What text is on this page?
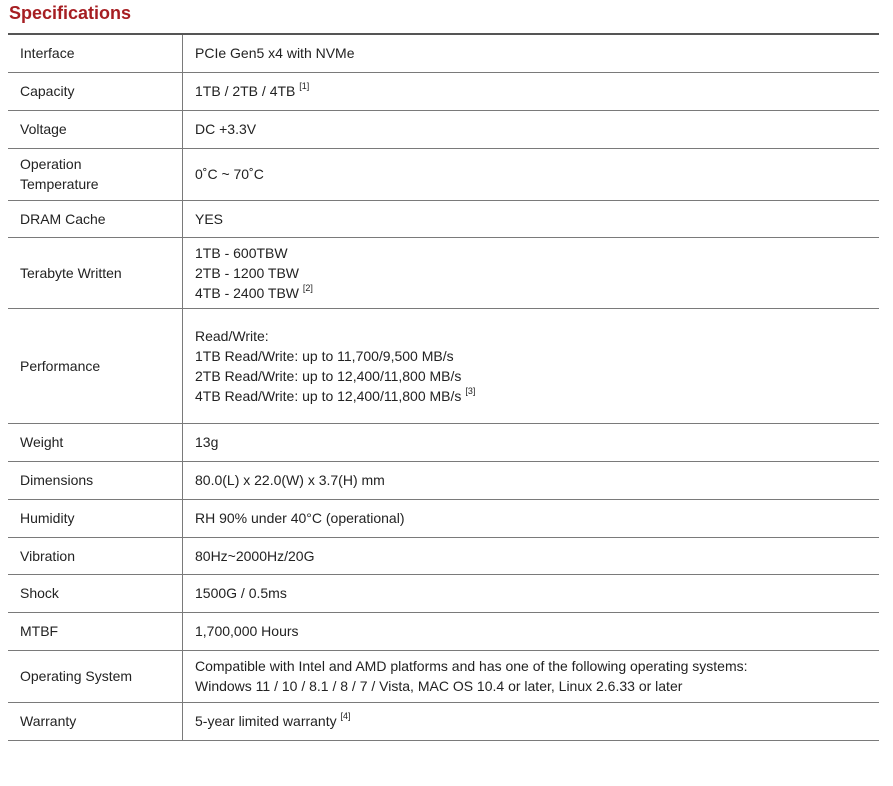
Specifications
Interface	PCIe Gen5 x4 with NVMe

Capacity	1TB / 2TB / 4TB [1]

Voltage	DC +3.3V

Operation
Temperature	0˚C ~ 70˚C

DRAM Cache	YES

Terabyte Written	1TB - 600TBW
2TB - 1200 TBW
4TB - 2400 TBW [2]

Performance	Read/Write:
1TB Read/Write: up to 11,700/9,500 MB/s
2TB Read/Write: up to 12,400/11,800 MB/s
4TB Read/Write: up to 12,400/11,800 MB/s [3]

Weight	13g

Dimensions	80.0(L) x 22.0(W) x 3.7(H) mm

Humidity	RH 90% under 40°C (operational)

Vibration	80Hz~2000Hz/20G

Shock	1500G / 0.5ms

MTBF	1,700,000 Hours

Operating System	Compatible with Intel and AMD platforms and has one of the following operating systems:
Windows 11 / 10 / 8.1 / 8 / 7 / Vista, MAC OS 10.4 or later, Linux 2.6.33 or later

Warranty	5-year limited warranty [4]
